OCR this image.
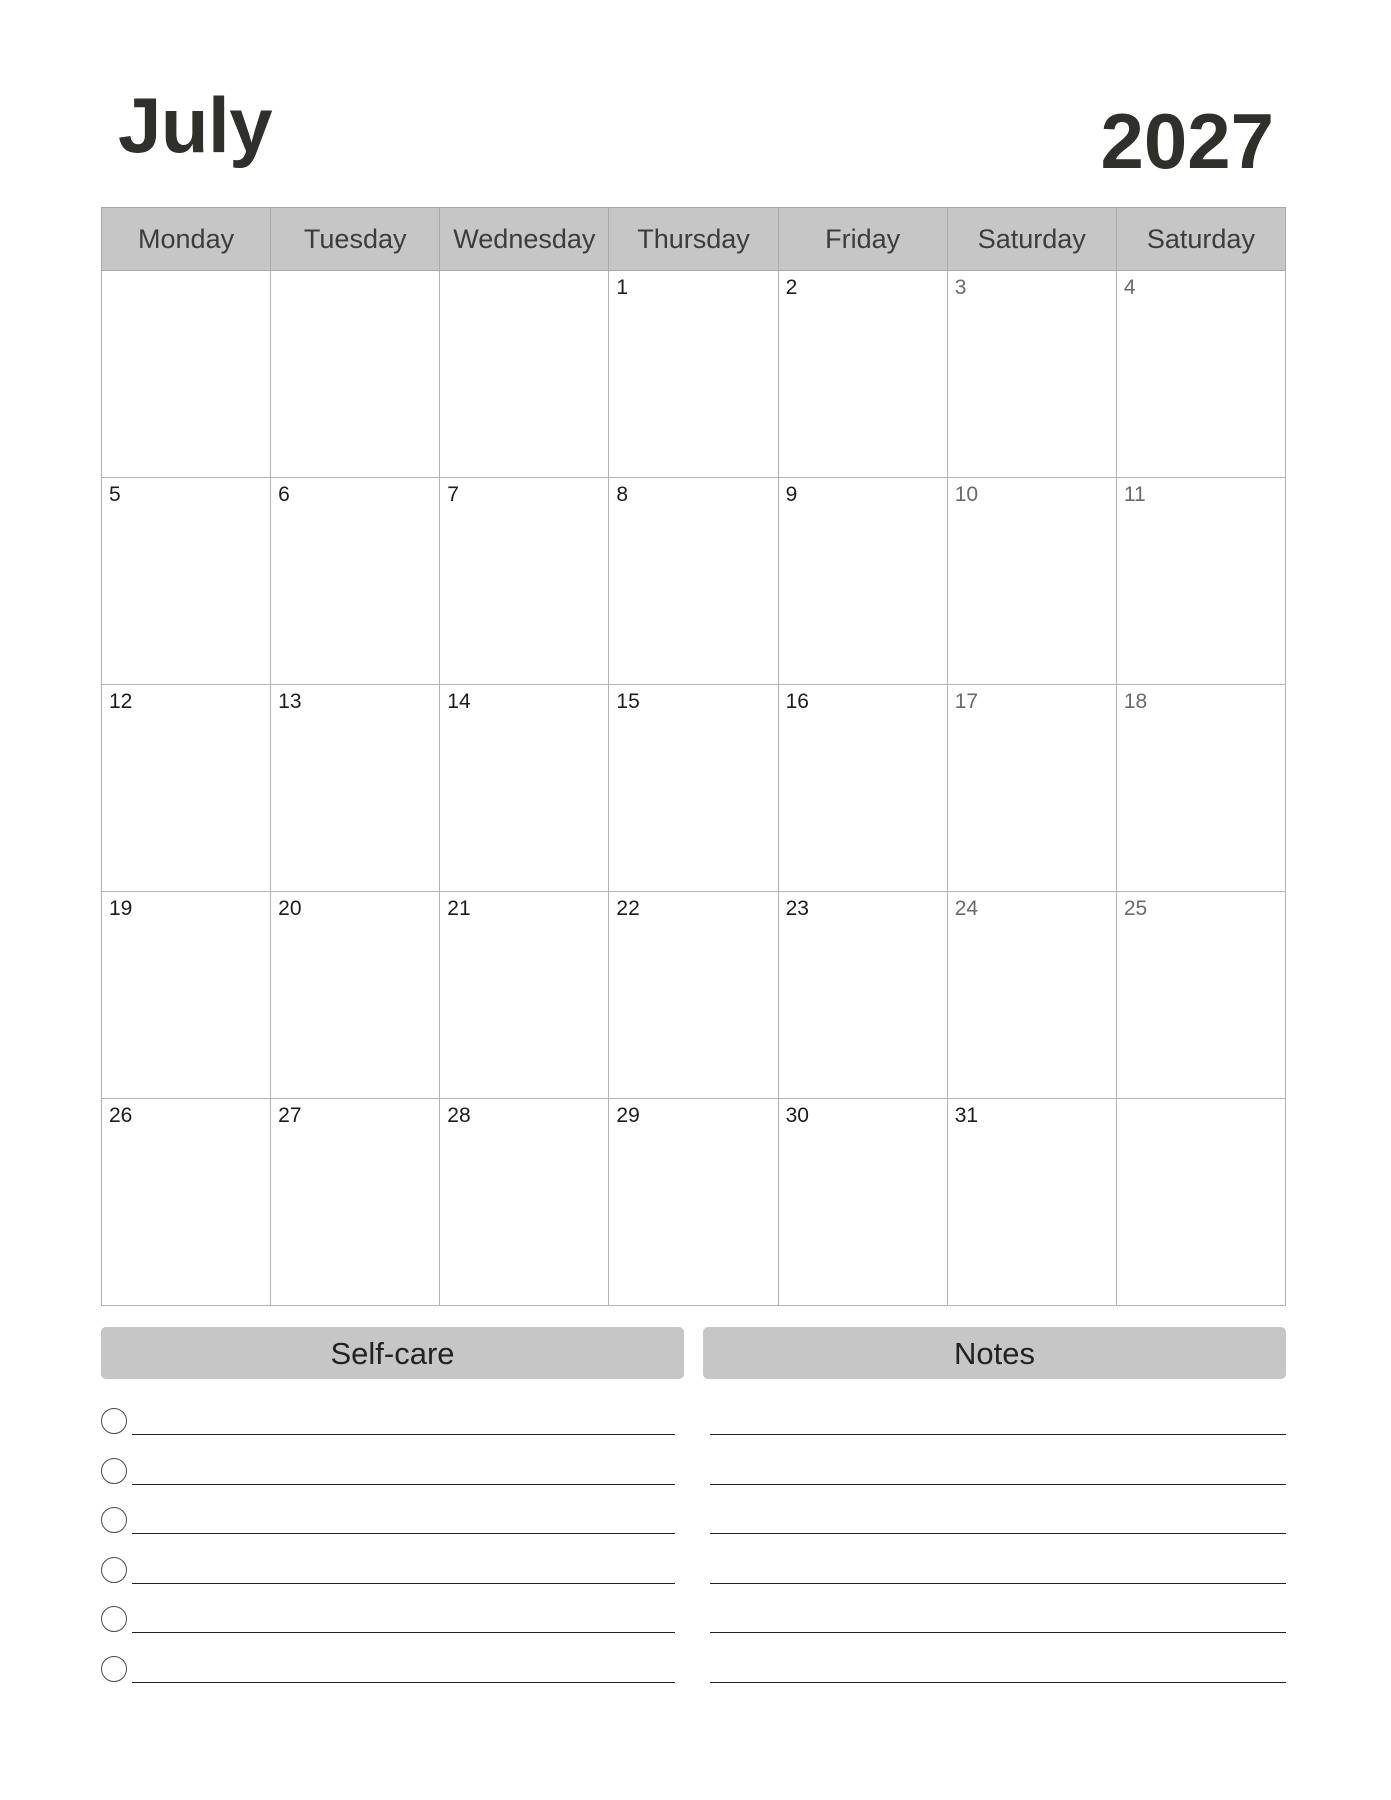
July	2027
Monday	Tuesday	Wednesday	Thursday	Friday	Saturday	Saturday

			1	2	3	4

5	6	7	8	9	10	11

12	13	14	15	16	17	18

19	20	21	22	23	24	25

26	27	28	29	30	31	

Self-care	Notes
